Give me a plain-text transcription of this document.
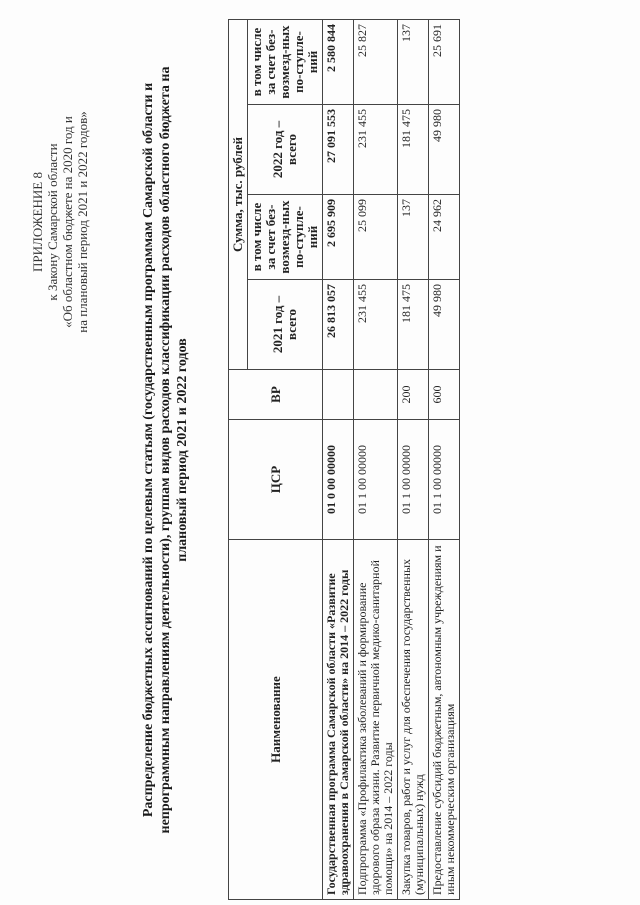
ПРИЛОЖЕНИЕ 8 к Закону Самарской области «Об областном бюджете на 2020 год и на плановый период 2021 и 2022 годов»	Распределение бюджетных ассигнований по целевым статьям (государственным программам Самарской области и непрограммным направлениям деятельности), группам видов расходов классификации расходов областного бюджета на плановый период 2021 и 2022 годов
Наименование	ЦСР	ВР	Сумма, тыс. рублей			
			2021 год – всего	в том числе за счет без-возмезд-ных по-ступле-ний	2022 год – всего	в том числе за счет без-возмезд-ных по-ступле-ний
Государственная программа Самарской области «Развитие здравоохранения в Самарской области» на 2014 – 2022 годы	01 0 00 00000		26 813 057	2 695 909	27 091 553	2 580 844
Подпрограмма «Профилактика заболеваний и формирование здорового образа жизни. Развитие первичной медико-санитарной помощи» на 2014 – 2022 годы	01 1 00 00000		231 455	25 099	231 455	25 827
Закупка товаров, работ и услуг для обеспечения государственных (муниципальных) нужд	01 1 00 00000	200	181 475	137	181 475	137
Предоставление субсидий бюджетным, автономным учреждениям и иным некоммерческим организациям	01 1 00 00000	600	49 980	24 962	49 980	25 691
